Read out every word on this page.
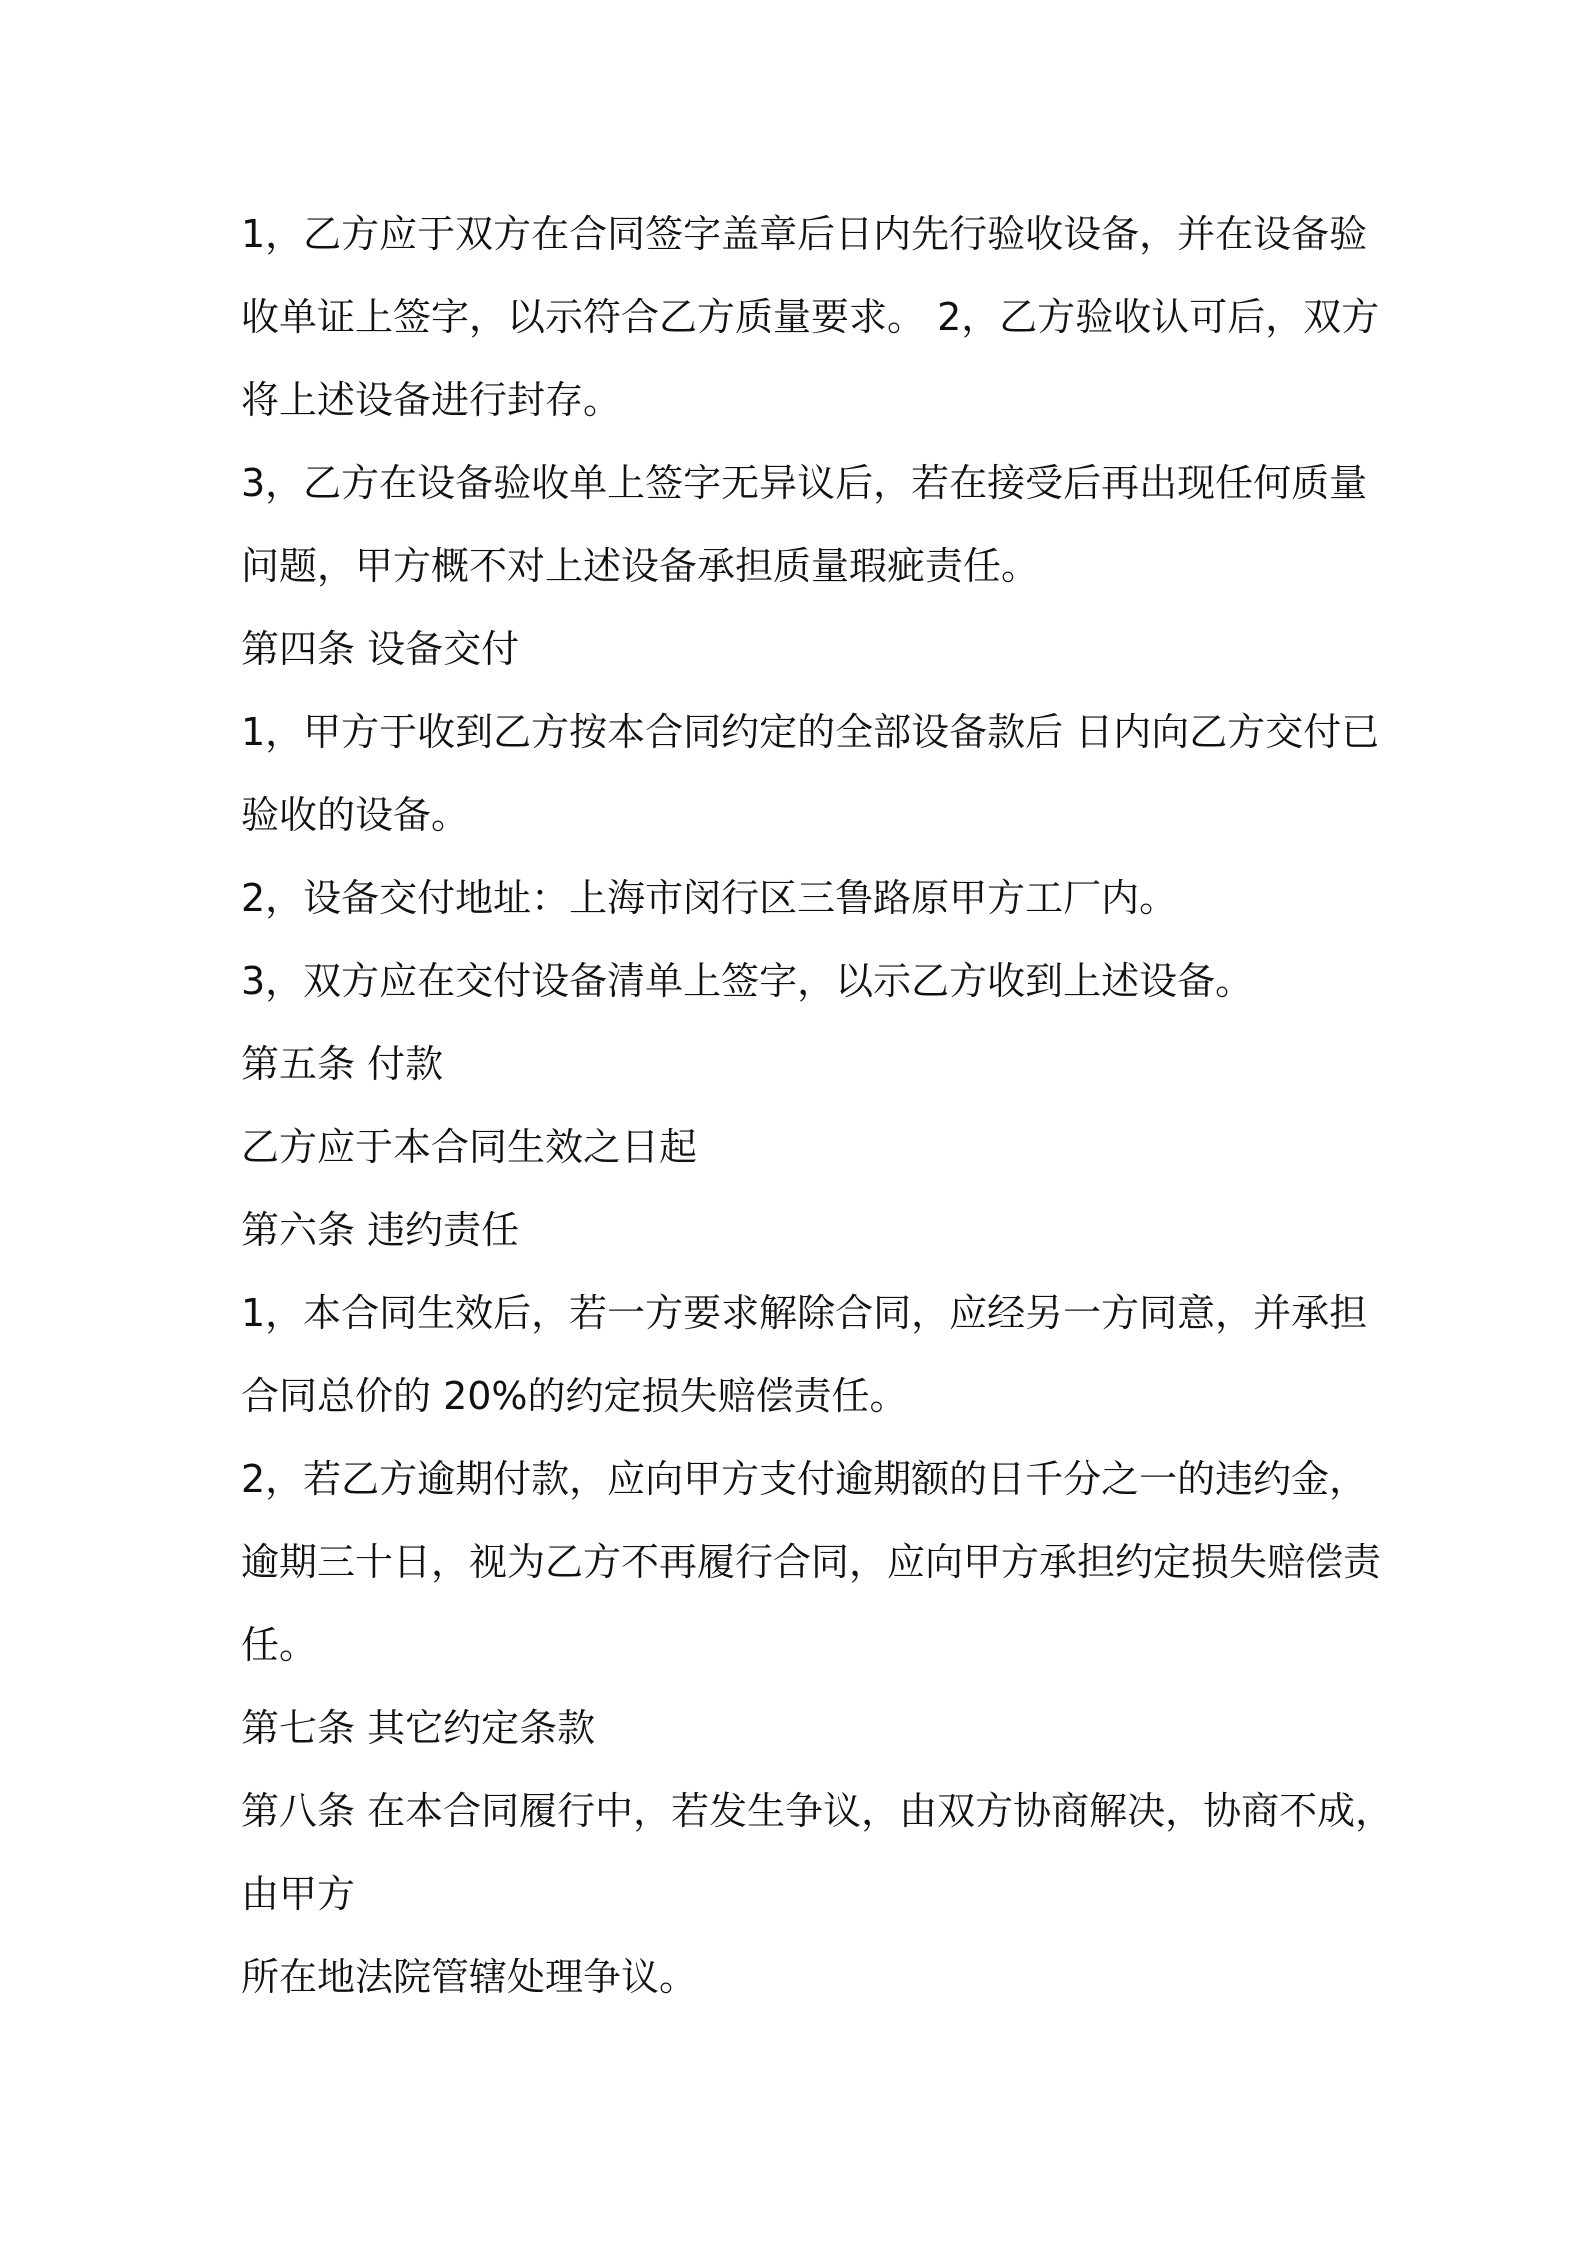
1，乙方应于双方在合同签字盖章后日内先行验收设备，并在设备验
收单证上签字，以示符合乙方质量要求。 2，乙方验收认可后，双方
将上述设备进行封存。
3，乙方在设备验收单上签字无异议后，若在接受后再出现任何质量
问题，甲方概不对上述设备承担质量瑕疵责任。
第四条 设备交付
1，甲方于收到乙方按本合同约定的全部设备款后 日内向乙方交付已
验收的设备。
2，设备交付地址：上海市闵行区三鲁路原甲方工厂内。
3，双方应在交付设备清单上签字，以示乙方收到上述设备。
第五条 付款
乙方应于本合同生效之日起
第六条 违约责任
1，本合同生效后，若一方要求解除合同，应经另一方同意，并承担
合同总价的 20%的约定损失赔偿责任。
2，若乙方逾期付款，应向甲方支付逾期额的日千分之一的违约金，
逾期三十日，视为乙方不再履行合同，应向甲方承担约定损失赔偿责
任。
第七条 其它约定条款
第八条 在本合同履行中，若发生争议，由双方协商解决，协商不成，
由甲方
所在地法院管辖处理争议。
